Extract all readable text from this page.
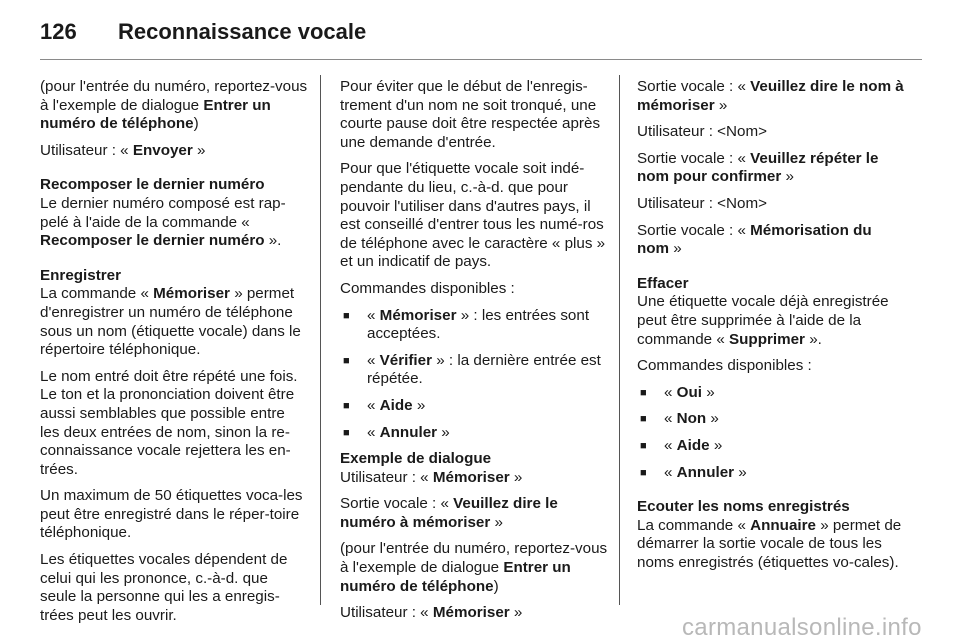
126 Reconnaissance vocale

(pour l'entrée du numéro, reportez-vous à l'exemple de dialogue Entrer un numéro de téléphone)

Utilisateur : « Envoyer »

Recomposer le dernier numéro
Le dernier numéro composé est rap-pelé à l'aide de la commande « Recomposer le dernier numéro ».

Enregistrer
La commande « Mémoriser » permet d'enregistrer un numéro de téléphone sous un nom (étiquette vocale) dans le répertoire téléphonique.

Le nom entré doit être répété une fois. Le ton et la prononciation doivent être aussi semblables que possible entre les deux entrées de nom, sinon la re-connaissance vocale rejettera les en-trées.

Un maximum de 50 étiquettes voca-les peut être enregistré dans le réper-toire téléphonique.

Les étiquettes vocales dépendent de celui qui les prononce, c.-à-d. que seule la personne qui les a enregis-trées peut les ouvrir.

Pour éviter que le début de l'enregis-trement d'un nom ne soit tronqué, une courte pause doit être respectée après une demande d'entrée.

Pour que l'étiquette vocale soit indé-pendante du lieu, c.-à-d. que pour pouvoir l'utiliser dans d'autres pays, il est conseillé d'entrer tous les numé-ros de téléphone avec le caractère « plus » et un indicatif de pays.

Commandes disponibles :

■ « Mémoriser » : les entrées sont acceptées.
■ « Vérifier » : la dernière entrée est répétée.
■ « Aide »
■ « Annuler »

Exemple de dialogue
Utilisateur : « Mémoriser »

Sortie vocale : « Veuillez dire le numéro à mémoriser »

(pour l'entrée du numéro, reportez-vous à l'exemple de dialogue Entrer un numéro de téléphone)

Utilisateur : « Mémoriser »

Sortie vocale : « Veuillez dire le nom à mémoriser »

Utilisateur : <Nom>

Sortie vocale : « Veuillez répéter le nom pour confirmer »

Utilisateur : <Nom>

Sortie vocale : « Mémorisation du nom »

Effacer
Une étiquette vocale déjà enregistrée peut être supprimée à l'aide de la commande « Supprimer ».

Commandes disponibles :

■ « Oui »
■ « Non »
■ « Aide »
■ « Annuler »

Ecouter les noms enregistrés
La commande « Annuaire » permet de démarrer la sortie vocale de tous les noms enregistrés (étiquettes vo-cales).

carmanualsonline.info
